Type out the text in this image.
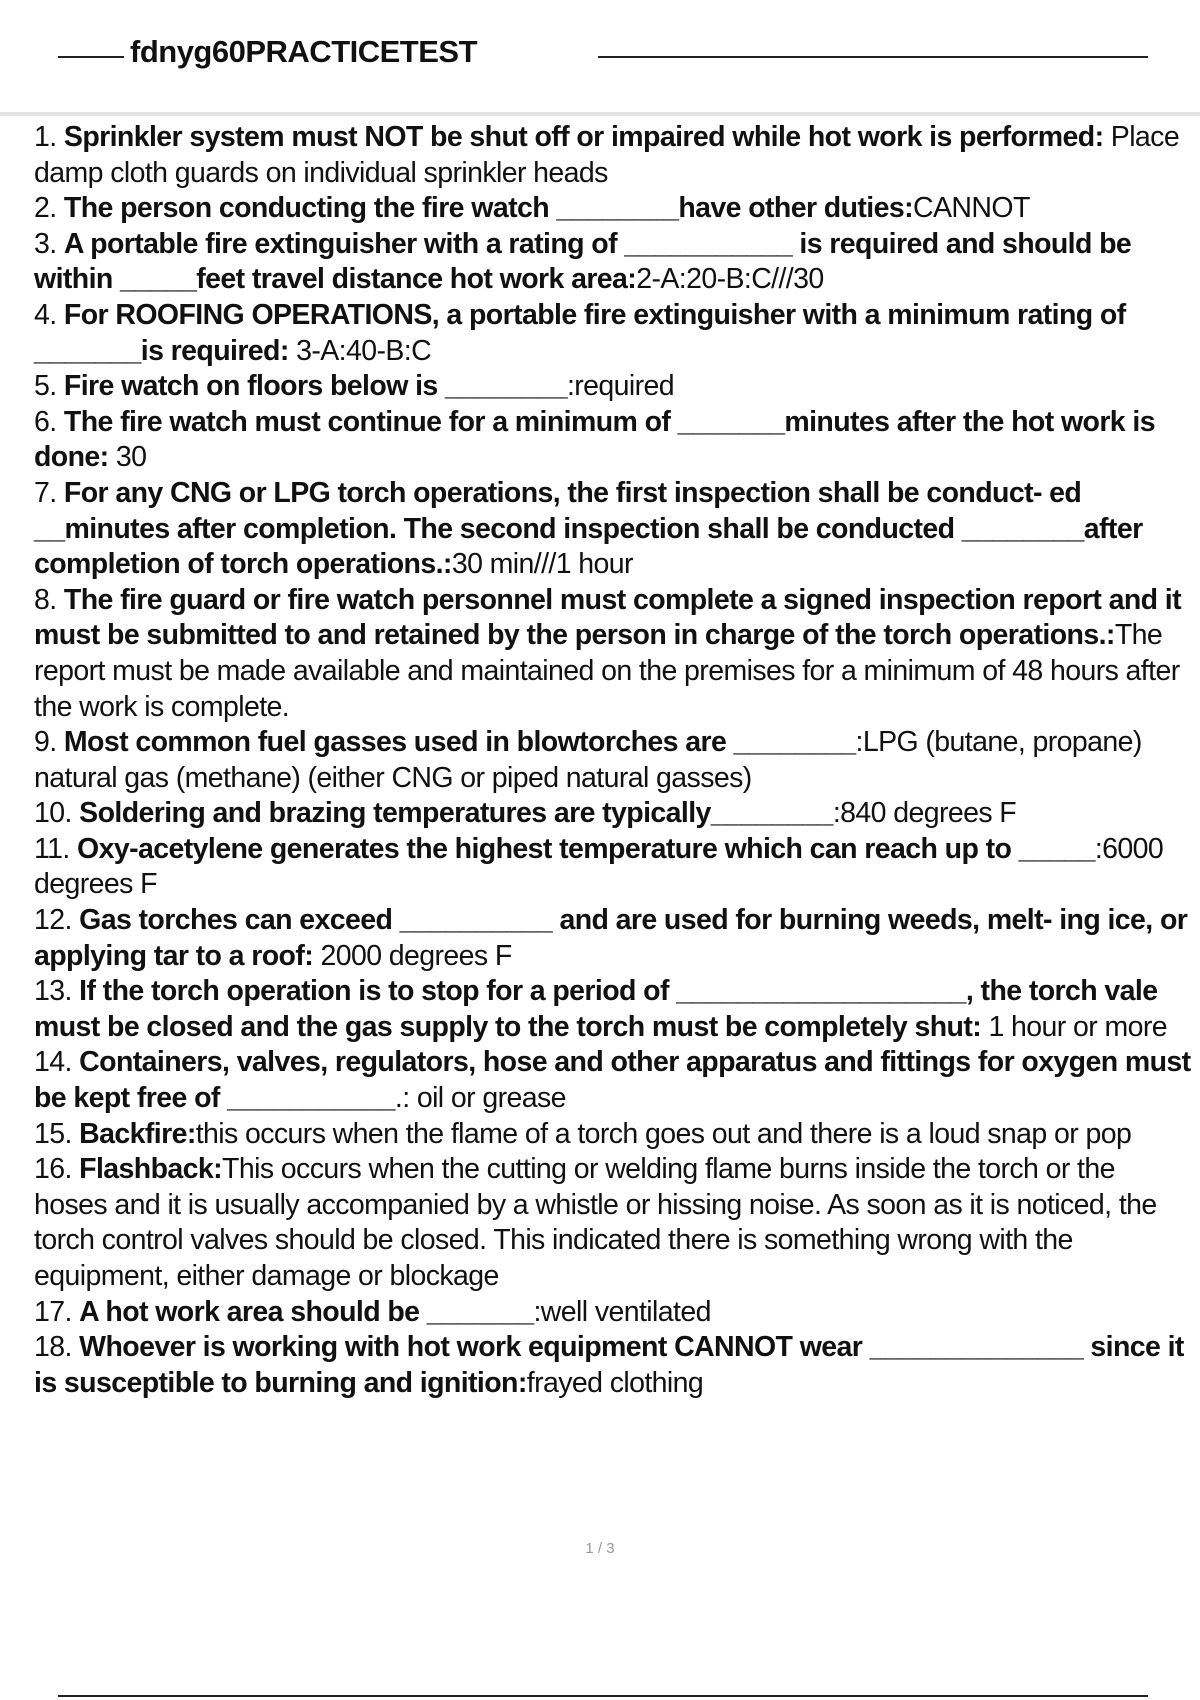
fdnyg60PRACTICETEST

1. Sprinkler system must NOT be shut off or impaired while hot work is performed: Place damp cloth guards on individual sprinkler heads

2. The person conducting the fire watch ________have other duties:CANNOT

3. A portable fire extinguisher with a rating of ___________ is required and should be within _____feet travel distance hot work area:2-A:20-B:C///30

4. For ROOFING OPERATIONS, a portable fire extinguisher with a minimum rating of _______is required: 3-A:40-B:C

5. Fire watch on floors below is ________:required

6. The fire watch must continue for a minimum of _______minutes after the hot work is done: 30

7. For any CNG or LPG torch operations, the first inspection shall be conduct- ed __minutes after completion. The second inspection shall be conducted ________after completion of torch operations.:30 min///1 hour

8. The fire guard or fire watch personnel must complete a signed inspection report and it must be submitted to and retained by the person in charge of the torch operations.:The report must be made available and maintained on the premises for a minimum of 48 hours after the work is complete.

9. Most common fuel gasses used in blowtorches are ________:LPG (butane, propane) natural gas (methane) (either CNG or piped natural gasses)

10. Soldering and brazing temperatures are typically________:840 degrees F

11. Oxy-acetylene generates the highest temperature which can reach up to _____:6000 degrees F

12. Gas torches can exceed __________ and are used for burning weeds, melt- ing ice, or applying tar to a roof: 2000 degrees F

13. If the torch operation is to stop for a period of ___________________, the torch vale must be closed and the gas supply to the torch must be completely shut: 1 hour or more

14. Containers, valves, regulators, hose and other apparatus and fittings for oxygen must be kept free of ___________.: oil or grease

15. Backfire:this occurs when the flame of a torch goes out and there is a loud snap or pop

16. Flashback:This occurs when the cutting or welding flame burns inside the torch or the hoses and it is usually accompanied by a whistle or hissing noise. As soon as it is noticed, the torch control valves should be closed. This indicated there is something wrong with the equipment, either damage or blockage

17. A hot work area should be _______:well ventilated

18. Whoever is working with hot work equipment CANNOT wear ______________ since it is susceptible to burning and ignition:frayed clothing

1 / 3
